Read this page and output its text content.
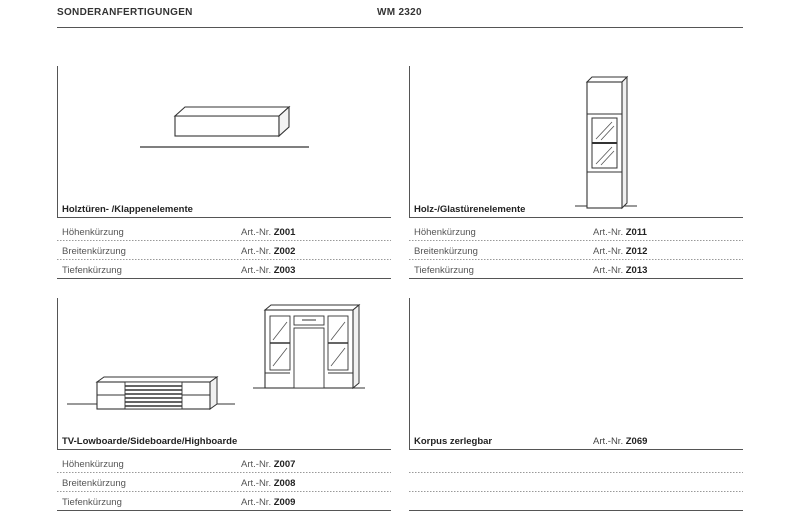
SONDERANFERTIGUNGEN	WM 2320
Holztüren- /Klappenelemente
Höhenkürzung	Art.-Nr. Z001
Breitenkürzung	Art.-Nr. Z002
Tiefenkürzung	Art.-Nr. Z003
Holz-/Glastürenelemente
Höhenkürzung	Art.-Nr. Z011
Breitenkürzung	Art.-Nr. Z012
Tiefenkürzung	Art.-Nr. Z013
TV-Lowboarde/Sideboarde/Highboarde
Höhenkürzung	Art.-Nr. Z007
Breitenkürzung	Art.-Nr. Z008
Tiefenkürzung	Art.-Nr. Z009
Korpus zerlegbar	Art.-Nr. Z069
